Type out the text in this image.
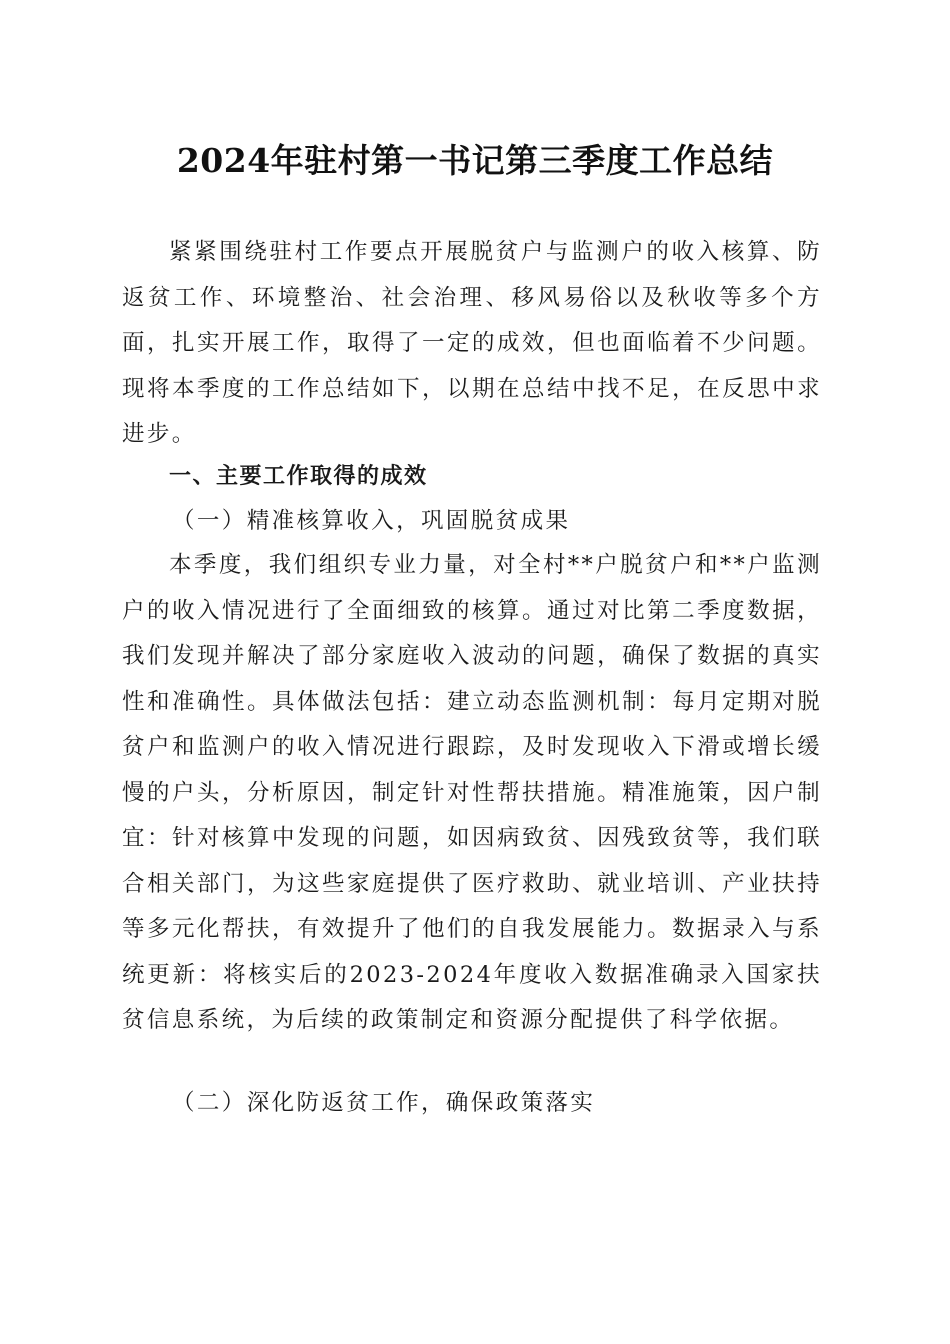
2024年驻村第一书记第三季度工作总结

紧紧围绕驻村工作要点开展脱贫户与监测户的收入核算、防返贫工作、环境整治、社会治理、移风易俗以及秋收等多个方面，扎实开展工作，取得了一定的成效，但也面临着不少问题。现将本季度的工作总结如下，以期在总结中找不足，在反思中求进步。

一、主要工作取得的成效
（一）精准核算收入，巩固脱贫成果

本季度，我们组织专业力量，对全村**户脱贫户和**户监测户的收入情况进行了全面细致的核算。通过对比第二季度数据，我们发现并解决了部分家庭收入波动的问题，确保了数据的真实性和准确性。具体做法包括：建立动态监测机制：每月定期对脱贫户和监测户的收入情况进行跟踪，及时发现收入下滑或增长缓慢的户头，分析原因，制定针对性帮扶措施。精准施策，因户制宜：针对核算中发现的问题，如因病致贫、因残致贫等，我们联合相关部门，为这些家庭提供了医疗救助、就业培训、产业扶持等多元化帮扶，有效提升了他们的自我发展能力。数据录入与系统更新：将核实后的2023-2024年度收入数据准确录入国家扶贫信息系统，为后续的政策制定和资源分配提供了科学依据。

（二）深化防返贫工作，确保政策落实
